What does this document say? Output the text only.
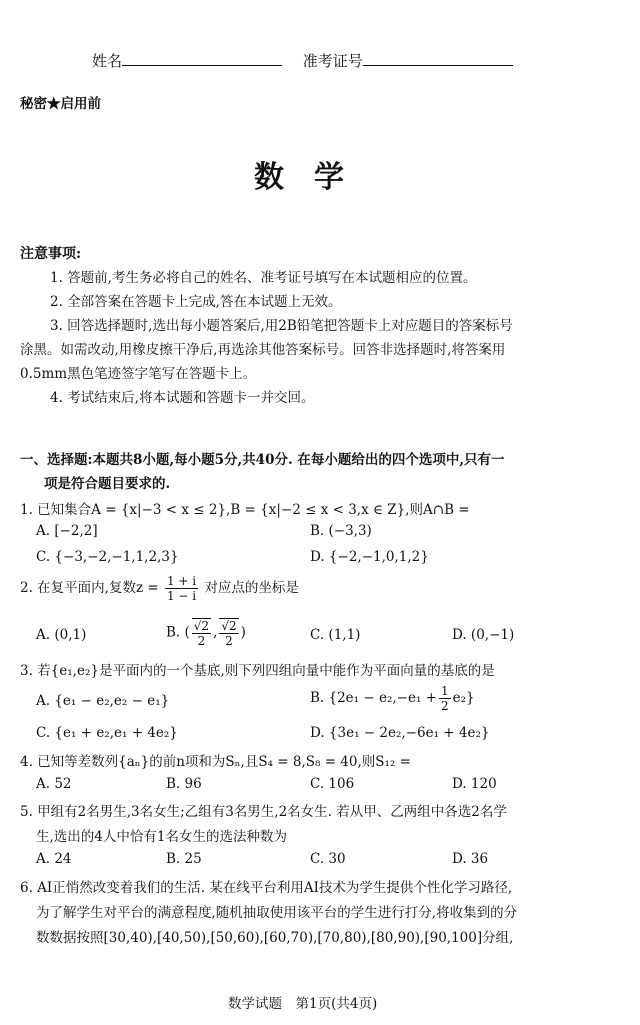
姓名	准考证号
秘密★启用前
数　学
注意事项:
1. 答题前,考生务必将自己的姓名、准考证号填写在本试题相应的位置。
2. 全部答案在答题卡上完成,答在本试题上无效。
3. 回答选择题时,选出每小题答案后,用2B铅笔把答题卡上对应题目的答案标号
涂黑。如需改动,用橡皮擦干净后,再选涂其他答案标号。回答非选择题时,将答案用
0.5mm黑色笔迹签字笔写在答题卡上。
4. 考试结束后,将本试题和答题卡一并交回。
一、选择题:本题共8小题,每小题5分,共40分. 在每小题给出的四个选项中,只有一
项是符合题目要求的.
1. 已知集合A = {x|−3 < x ≤ 2},B = {x|−2 ≤ x < 3,x ∈ Z},则A∩B =
A. [−2,2]	B. (−3,3)
C. {−3,−2,−1,1,2,3}	D. {−2,−1,0,1,2}
2. 在复平面内,复数$z = \frac{1 + i}{1 - i}$ 对应点的坐标是
A. (0,1)	B. ( $\frac{√2}{2}$ , $\frac{√2}{2}$ )	C. (1,1)	D. (0,−1)
3. 若{e₁,e₂}是平面内的一个基底,则下列四组向量中能作为平面向量的基底的是
A. {e₁ − e₂,e₂ − e₁}	B. $\{2e_1 - e_2,-e_1 + \frac{1}{2} e_2\}$
C. {e₁ + e₂,e₁ + 4e₂}	D. {3e₁ − 2e₂,−6e₁ + 4e₂}
4. 已知等差数列{aₙ}的前n项和为Sₙ,且S₄ = 8,S₈ = 40,则S₁₂ =
A. 52	B. 96	C. 106	D. 120
5. 甲组有2名男生,3名女生;乙组有3名男生,2名女生. 若从甲、乙两组中各选2名学
生,选出的4人中恰有1名女生的选法种数为
A. 24	B. 25	C. 30	D. 36
6. AI正悄然改变着我们的生活. 某在线平台利用AI技术为学生提供个性化学习路径,
为了解学生对平台的满意程度,随机抽取使用该平台的学生进行打分,将收集到的分
数数据按照[30,40),[40,50),[50,60),[60,70),[70,80),[80,90),[90,100]分组,
数学试题　第1页(共4页)
